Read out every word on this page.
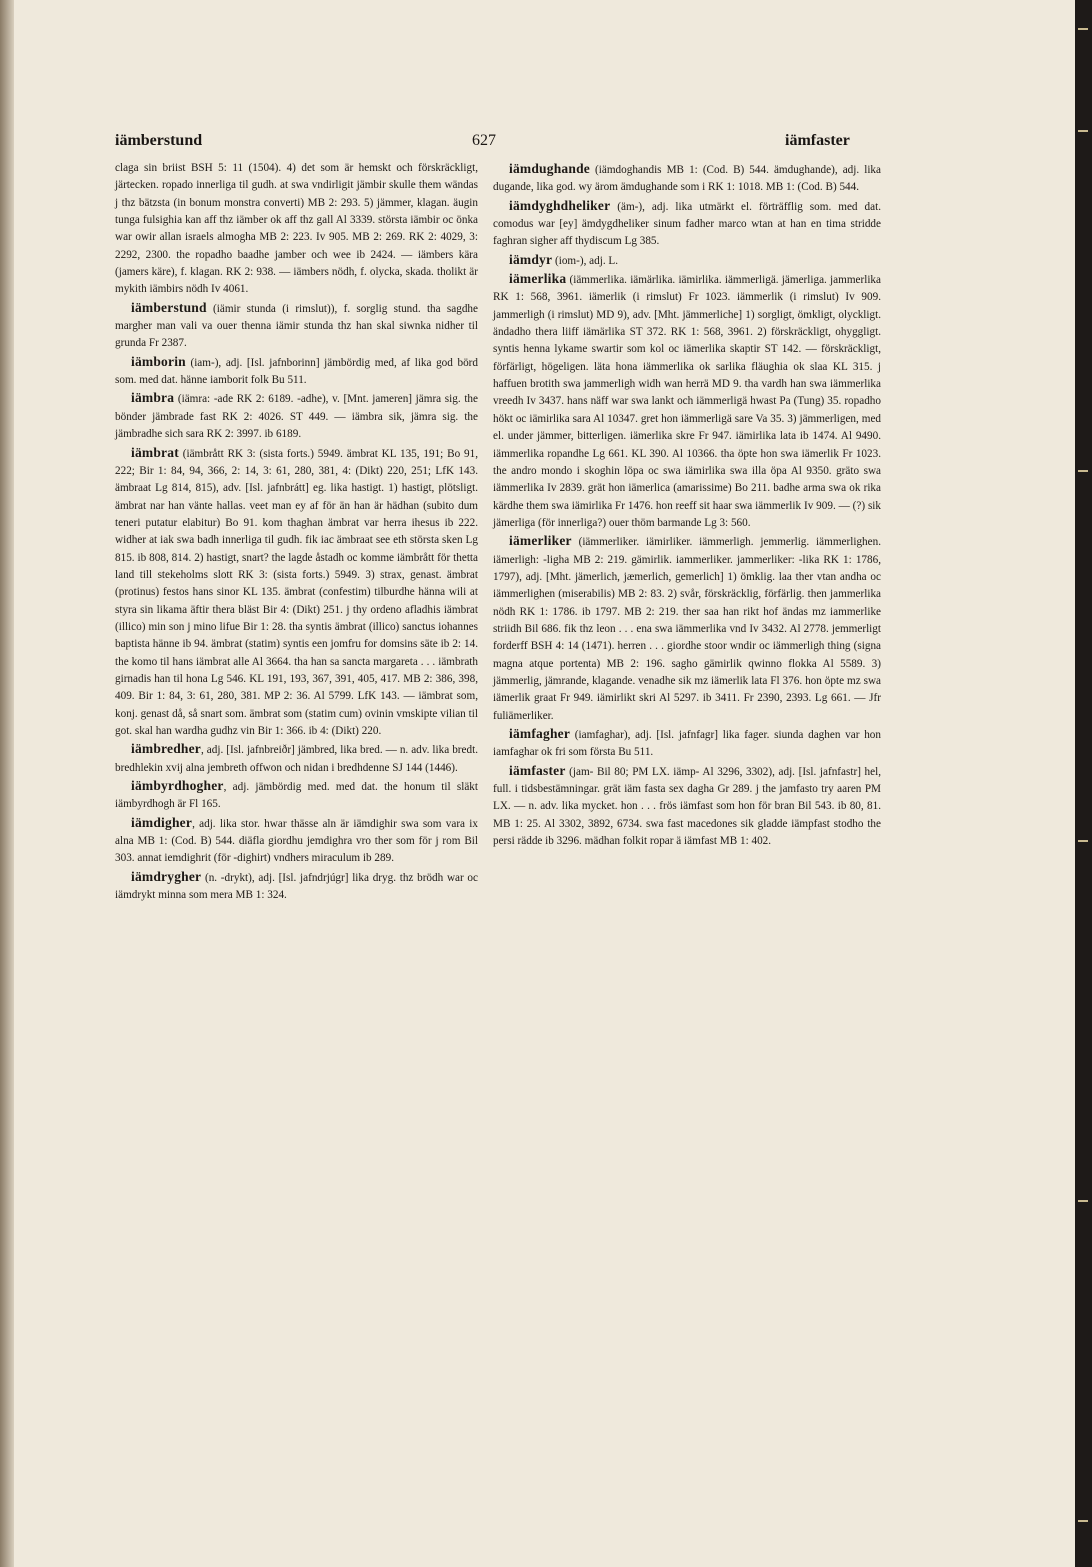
iämberstund	627	iämfaster

claga sin briist BSH 5: 11 (1504). 4) det som är hemskt och förskräckligt, järtecken. ropado innerliga til gudh. at swa vndirligit jämbir skulle them wändas j thz bätzsta (in bonum monstra converti) MB 2: 293. 5) jämmer, klagan. äugin tunga fulsighia kan aff thz iämber ok aff thz gall Al 3339. största iämbir oc önka war owir allan israels almogha MB 2: 223. Iv 905. MB 2: 269. RK 2: 4029, 3: 2292, 2300. the ropadho baadhe jamber och wee ib 2424. — iämbers kära (jamers käre), f. klagan. RK 2: 938. — iämbers nödh, f. olycka, skada. tholikt är mykith iämbirs nödh Iv 4061.

iämberstund (iämir stunda (i rimslut)), f. sorglig stund. tha sagdhe margher man vali va ouer thenna iämir stunda thz han skal siwnka nidher til grunda Fr 2387.

iämborin (iam-), adj. [Isl. jafnborinn] jämbördig med, af lika god börd som. med dat. hänne iamborit folk Bu 511.

iämbra (iämra: -ade RK 2: 6189. -adhe), v. [Mnt. jameren] jämra sig. the bönder jämbrade fast RK 2: 4026. ST 449. — iämbra sik, jämra sig. the jämbradhe sich sara RK 2: 3997. ib 6189.

iämbrat (iämbrått RK 3: (sista forts.) 5949. ämbrat KL 135, 191; Bo 91, 222; Bir 1: 84, 94, 366, 2: 14, 3: 61, 280, 381, 4: (Dikt) 220, 251; LfK 143. ämbraat Lg 814, 815), adv. [Isl. jafnbrátt] eg. lika hastigt. 1) hastigt, plötsligt. ämbrat nar han vänte hallas. veet man ey af för än han är hädhan (subito dum teneri putatur elabitur) Bo 91. kom thaghan ämbrat var herra ihesus ib 222. widher at iak swa badh innerliga til gudh. fik iac ämbraat see eth största sken Lg 815. ib 808, 814. 2) hastigt, snart? the lagde åstadh oc komme iämbrått för thetta land till stekeholms slott RK 3: (sista forts.) 5949. 3) strax, genast. ämbrat (protinus) festos hans sinor KL 135. ämbrat (confestim) tilburdhe hänna wili at styra sin likama äftir thera bläst Bir 4: (Dikt) 251. j thy ordeno afladhis iämbrat (illico) min son j mino lifue Bir 1: 28. tha syntis ämbrat (illico) sanctus iohannes baptista hänne ib 94. ämbrat (statim) syntis een jomfru for domsins säte ib 2: 14. the komo til hans iämbrat alle Al 3664. tha han sa sancta margareta . . . iämbrath girnadis han til hona Lg 546. KL 191, 193, 367, 391, 405, 417. MB 2: 386, 398, 409. Bir 1: 84, 3: 61, 280, 381. MP 2: 36. Al 5799. LfK 143. — iämbrat som, konj. genast då, så snart som. ämbrat som (statim cum) ovinin vmskipte vilian til got. skal han wardha gudhz vin Bir 1: 366. ib 4: (Dikt) 220.

iämbredher, adj. [Isl. jafnbreiðr] jämbred, lika bred. — n. adv. lika bredt. bredhlekin xvij alna jembreth offwon och nidan i bredhdenne SJ 144 (1446).

iämbyrdhogher, adj. jämbördig med. med dat. the honum til släkt iämbyrdhogh är Fl 165.

iämdigher, adj. lika stor. hwar thässe aln är iämdighir swa som vara ix alna MB 1: (Cod. B) 544. diäfla giordhu jemdighra vro ther som för j rom Bil 303. annat iemdighrit (för -dighirt) vndhers miraculum ib 289.

iämdrygher (n. -drykt), adj. [Isl. jafndrjúgr] lika dryg. thz brödh war oc iämdrykt minna som mera MB 1: 324.

iämdughande (iämdoghandis MB 1: (Cod. B) 544. ämdughande), adj. lika dugande, lika god. wy ärom ämdughande som i RK 1: 1018. MB 1: (Cod. B) 544.

iämdyghdheliker (äm-), adj. lika utmärkt el. förträfflig som. med dat. comodus war [ey] ämdygdheliker sinum fadher marco wtan at han en tima stridde faghran sigher aff thydiscum Lg 385.

iämdyr (iom-), adj. L.

iämerlika (iämmerlika. iämärlika. iämirlika. iämmerligä. jämerliga. jammerlika RK 1: 568, 3961. iämerlik (i rimslut) Fr 1023. iämmerlik (i rimslut) Iv 909. jammerligh (i rimslut) MD 9), adv. [Mht. jämmerliche] 1) sorgligt, ömkligt, olyckligt. ändadho thera liiff iämärlika ST 372. RK 1: 568, 3961. 2) förskräckligt, ohyggligt. syntis henna lykame swartir som kol oc iämerlika skaptir ST 142. — förskräckligt, förfärligt, högeligen. läta hona iämmerlika ok sarlika fläughia ok slaa KL 315. j haffuen brotith swa jammerligh widh wan herrä MD 9. tha vardh han swa iämmerlika vreedh Iv 3437. hans näff war swa lankt och iämmerligä hwast Pa (Tung) 35. ropadho hökt oc iämirlika sara Al 10347. gret hon iämmerligä sare Va 35. 3) jämmerligen, med el. under jämmer, bitterligen. iämerlika skre Fr 947. iämirlika lata ib 1474. Al 9490. iämmerlika ropandhe Lg 661. KL 390. Al 10366. tha öpte hon swa iämerlik Fr 1023. the andro mondo i skoghin löpa oc swa iämirlika swa illa öpa Al 9350. gräto swa iämmerlika Iv 2839. grät hon iämerlica (amarissime) Bo 211. badhe arma swa ok rika kärdhe them swa iämirlika Fr 1476. hon reeff sit haar swa iämmerlik Iv 909. — (?) sik jämerliga (för innerliga?) ouer thöm barmande Lg 3: 560.

iämerliker (iämmerliker. iämirliker. iämmerligh. jemmerlig. iämmerlighen. iämerligh: -ligha MB 2: 219. gämirlik. iammerliker. jammerliker: -lika RK 1: 1786, 1797), adj. [Mht. jämerlich, jæmerlich, gemerlich] 1) ömklig. laa ther vtan andha oc iämmerlighen (miserabilis) MB 2: 83. 2) svår, förskräcklig, förfärlig. then jammerlika nödh RK 1: 1786. ib 1797. MB 2: 219. ther saa han rikt hof ändas mz iammerlike striidh Bil 686. fik thz leon . . . ena swa iämmerlika vnd Iv 3432. Al 2778. jemmerligt forderff BSH 4: 14 (1471). herren . . . giordhe stoor wndir oc iämmerligh thing (signa magna atque portenta) MB 2: 196. sagho gämirlik qwinno flokka Al 5589. 3) jämmerlig, jämrande, klagande. venadhe sik mz iämerlik lata Fl 376. hon öpte mz swa iämerlik graat Fr 949. iämirlikt skri Al 5297. ib 3411. Fr 2390, 2393. Lg 661. — Jfr fuliämerliker.

iämfagher (iamfaghar), adj. [Isl. jafnfagr] lika fager. siunda daghen var hon iamfaghar ok fri som första Bu 511.

iämfaster (jam- Bil 80; PM LX. iämp- Al 3296, 3302), adj. [Isl. jafnfastr] hel, full. i tidsbestämningar. grät iäm fasta sex dagha Gr 289. j the jamfasto try aaren PM LX. — n. adv. lika mycket. hon . . . frös iämfast som hon för bran Bil 543. ib 80, 81. MB 1: 25. Al 3302, 3892, 6734. swa fast macedones sik gladde iämpfast stodho the persi rädde ib 3296. mädhan folkit ropar ä iämfast MB 1: 402.
